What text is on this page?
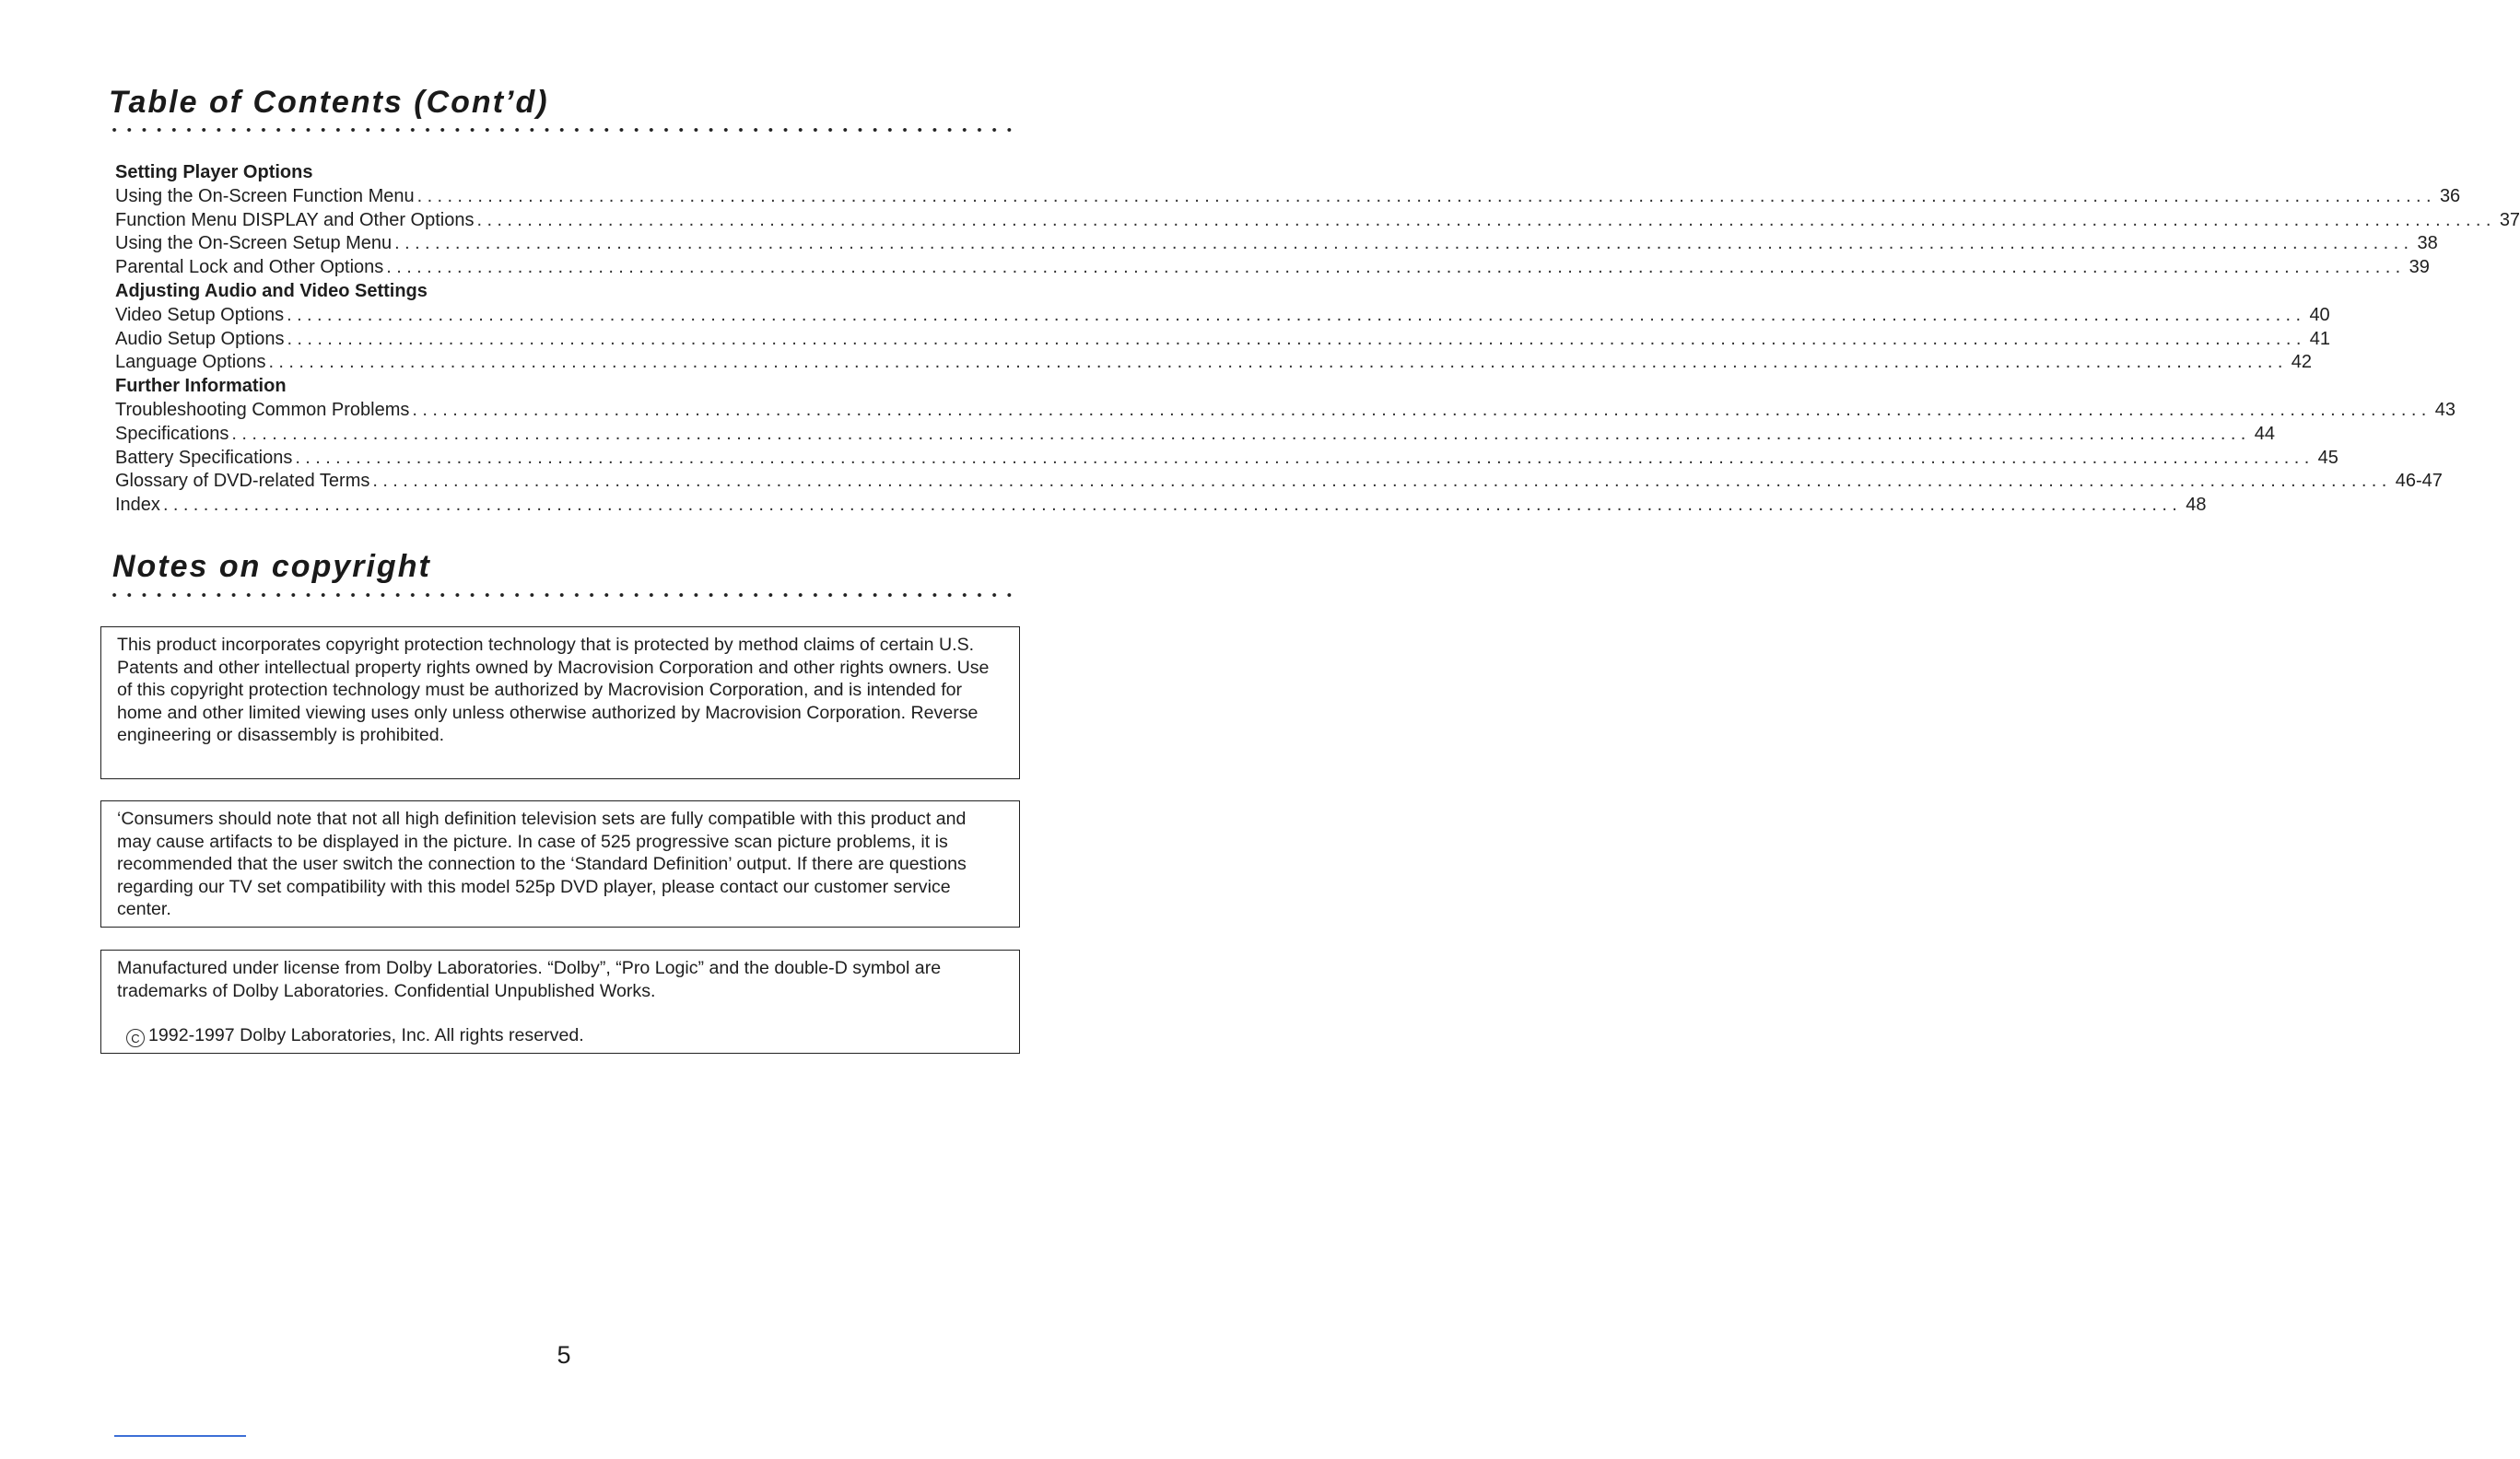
Table of Contents (Cont’d)
Setting Player Options
Using the On-Screen Function Menu ........................................................................................................................................................................................................ 36
Function Menu DISPLAY and Other Options ........................................................................................................................................................................................................ 37
Using the On-Screen Setup Menu ........................................................................................................................................................................................................ 38
Parental Lock and Other Options ........................................................................................................................................................................................................ 39
Adjusting Audio and Video Settings
Video Setup Options ........................................................................................................................................................................................................ 40
Audio Setup Options ........................................................................................................................................................................................................ 41
Language Options ........................................................................................................................................................................................................ 42
Further Information
Troubleshooting Common Problems ........................................................................................................................................................................................................ 43
Specifications ........................................................................................................................................................................................................ 44
Battery Specifications ........................................................................................................................................................................................................ 45
Glossary of DVD-related Terms ........................................................................................................................................................................................................ 46-47
Index ........................................................................................................................................................................................................ 48
Notes on copyright

This product incorporates copyright protection technology that is protected by method claims of certain U.S. Patents and other intellectual property rights owned by Macrovision Corporation and other rights owners. Use of this copyright protection technology must be authorized by Macrovision Corporation, and is intended for home and other limited viewing uses only unless otherwise authorized by Macrovision Corporation. Reverse engineering or disassembly is prohibited.

‘Consumers should note that not all high definition television sets are fully compatible with this product and may cause artifacts to be displayed in the picture. In case of 525 progressive scan picture problems, it is recommended that the user switch the connection to the ‘Standard Definition’ output. If there are questions regarding our TV set compatibility with this model 525p DVD player, please contact our customer service center.

Manufactured under license from Dolby Laboratories. “Dolby”, “Pro Logic” and the double-D symbol are trademarks of Dolby Laboratories. Confidential Unpublished Works.

C 1992-1997 Dolby Laboratories, Inc. All rights reserved.

5
